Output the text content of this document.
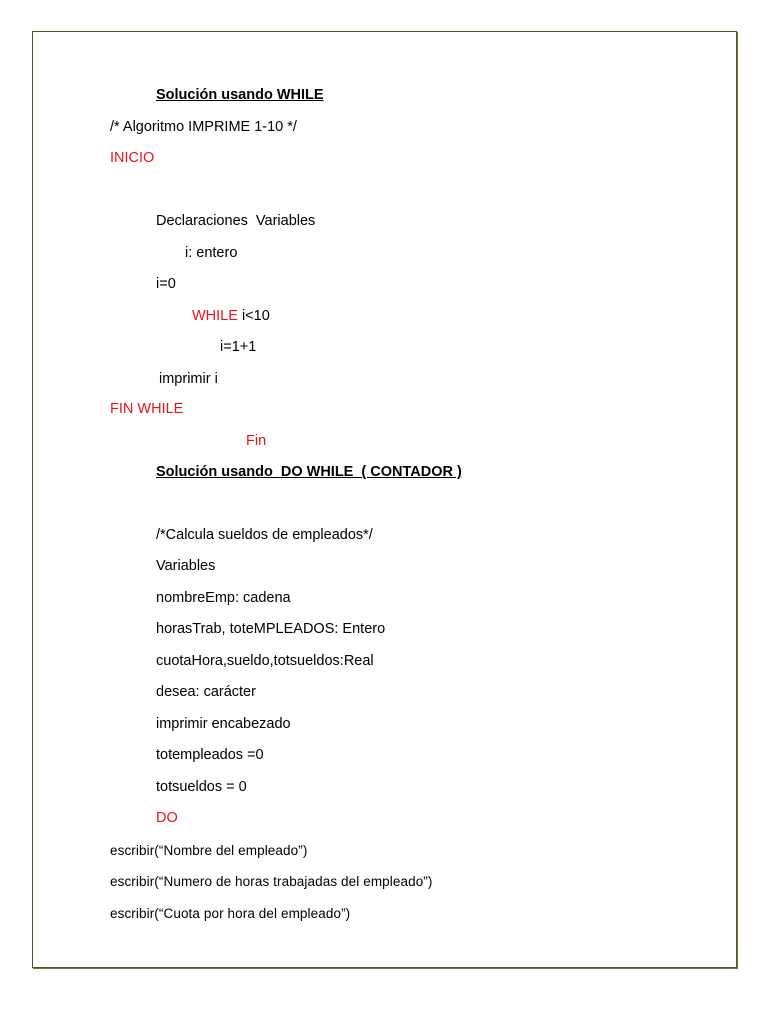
Solución usando WHILE
/* Algoritmo IMPRIME 1-10 */
INICIO
Declaraciones  Variables
i: entero
i=0
WHILE i<10
i=1+1
imprimir i
FIN WHILE
Fin
Solución usando  DO WHILE  ( CONTADOR )
/*Calcula sueldos de empleados*/
Variables
nombreEmp: cadena
horasTrab, toteMPLEADOS: Entero
cuotaHora,sueldo,totsueldos:Real
desea: carácter
imprimir encabezado
totempleados =0
totsueldos = 0
DO
escribir(“Nombre del empleado”)
escribir(“Numero de horas trabajadas del empleado”)
escribir(“Cuota por hora del empleado”)
